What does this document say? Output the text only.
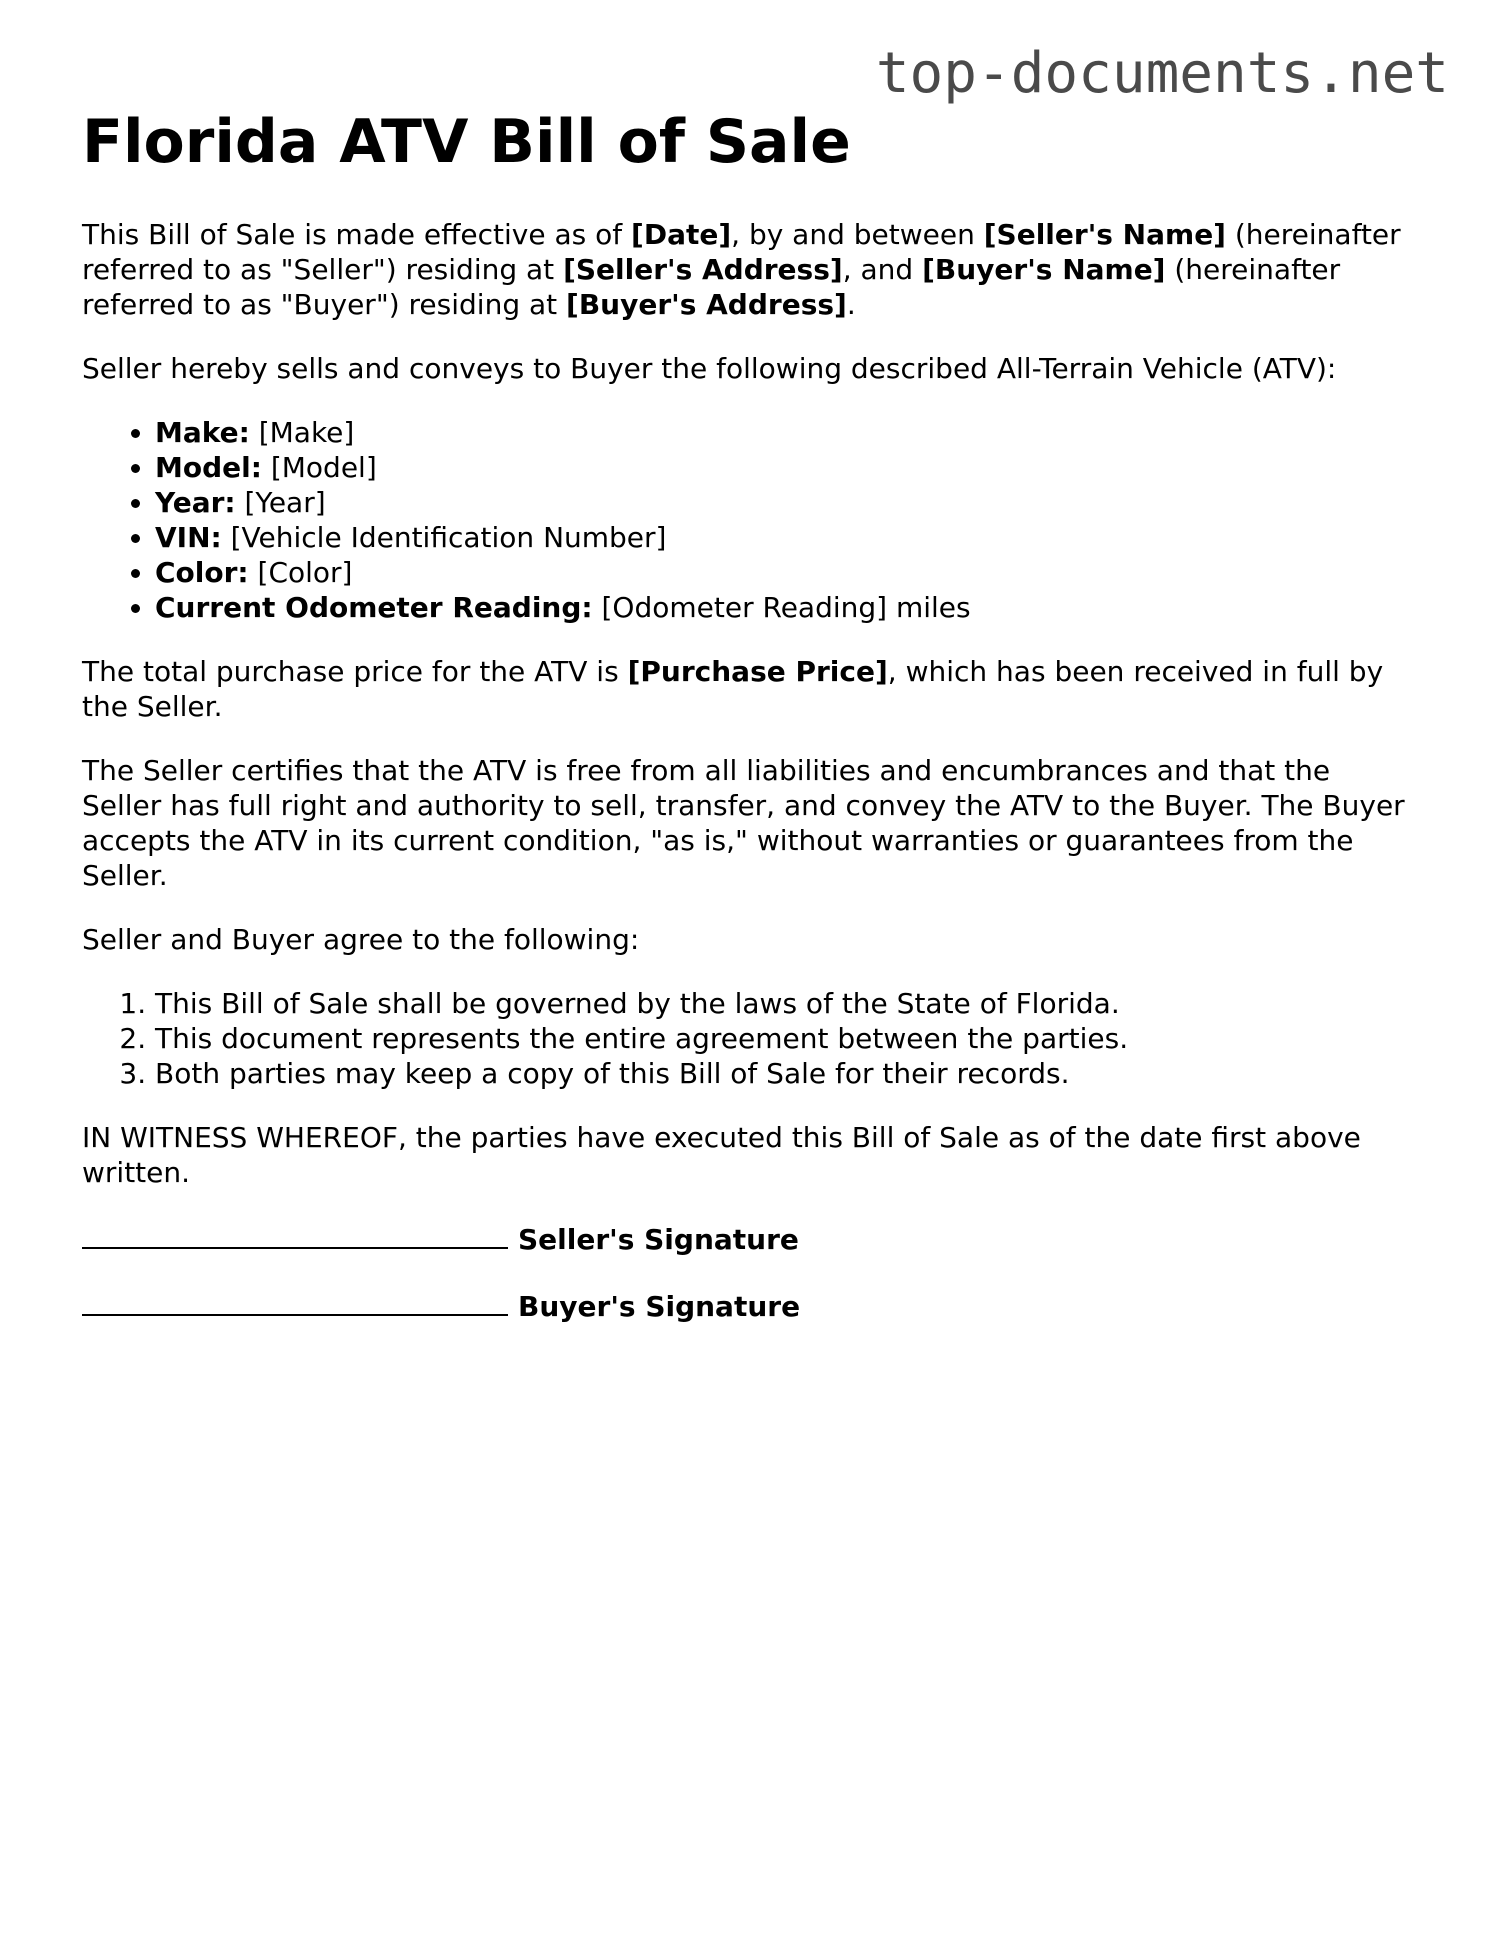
top-documents.net
Florida ATV Bill of Sale

This Bill of Sale is made effective as of [Date], by and between [Seller's Name] (hereinafter referred to as "Seller") residing at [Seller's Address], and [Buyer's Name] (hereinafter referred to as "Buyer") residing at [Buyer's Address].

Seller hereby sells and conveys to Buyer the following described All-Terrain Vehicle (ATV):

• Make: [Make]
• Model: [Model]
• Year: [Year]
• VIN: [Vehicle Identification Number]
• Color: [Color]
• Current Odometer Reading: [Odometer Reading] miles

The total purchase price for the ATV is [Purchase Price], which has been received in full by the Seller.

The Seller certifies that the ATV is free from all liabilities and encumbrances and that the Seller has full right and authority to sell, transfer, and convey the ATV to the Buyer. The Buyer accepts the ATV in its current condition, "as is," without warranties or guarantees from the Seller.

Seller and Buyer agree to the following:

1. This Bill of Sale shall be governed by the laws of the State of Florida.
2. This document represents the entire agreement between the parties.
3. Both parties may keep a copy of this Bill of Sale for their records.

IN WITNESS WHEREOF, the parties have executed this Bill of Sale as of the date first above written.

Seller's Signature
Buyer's Signature
